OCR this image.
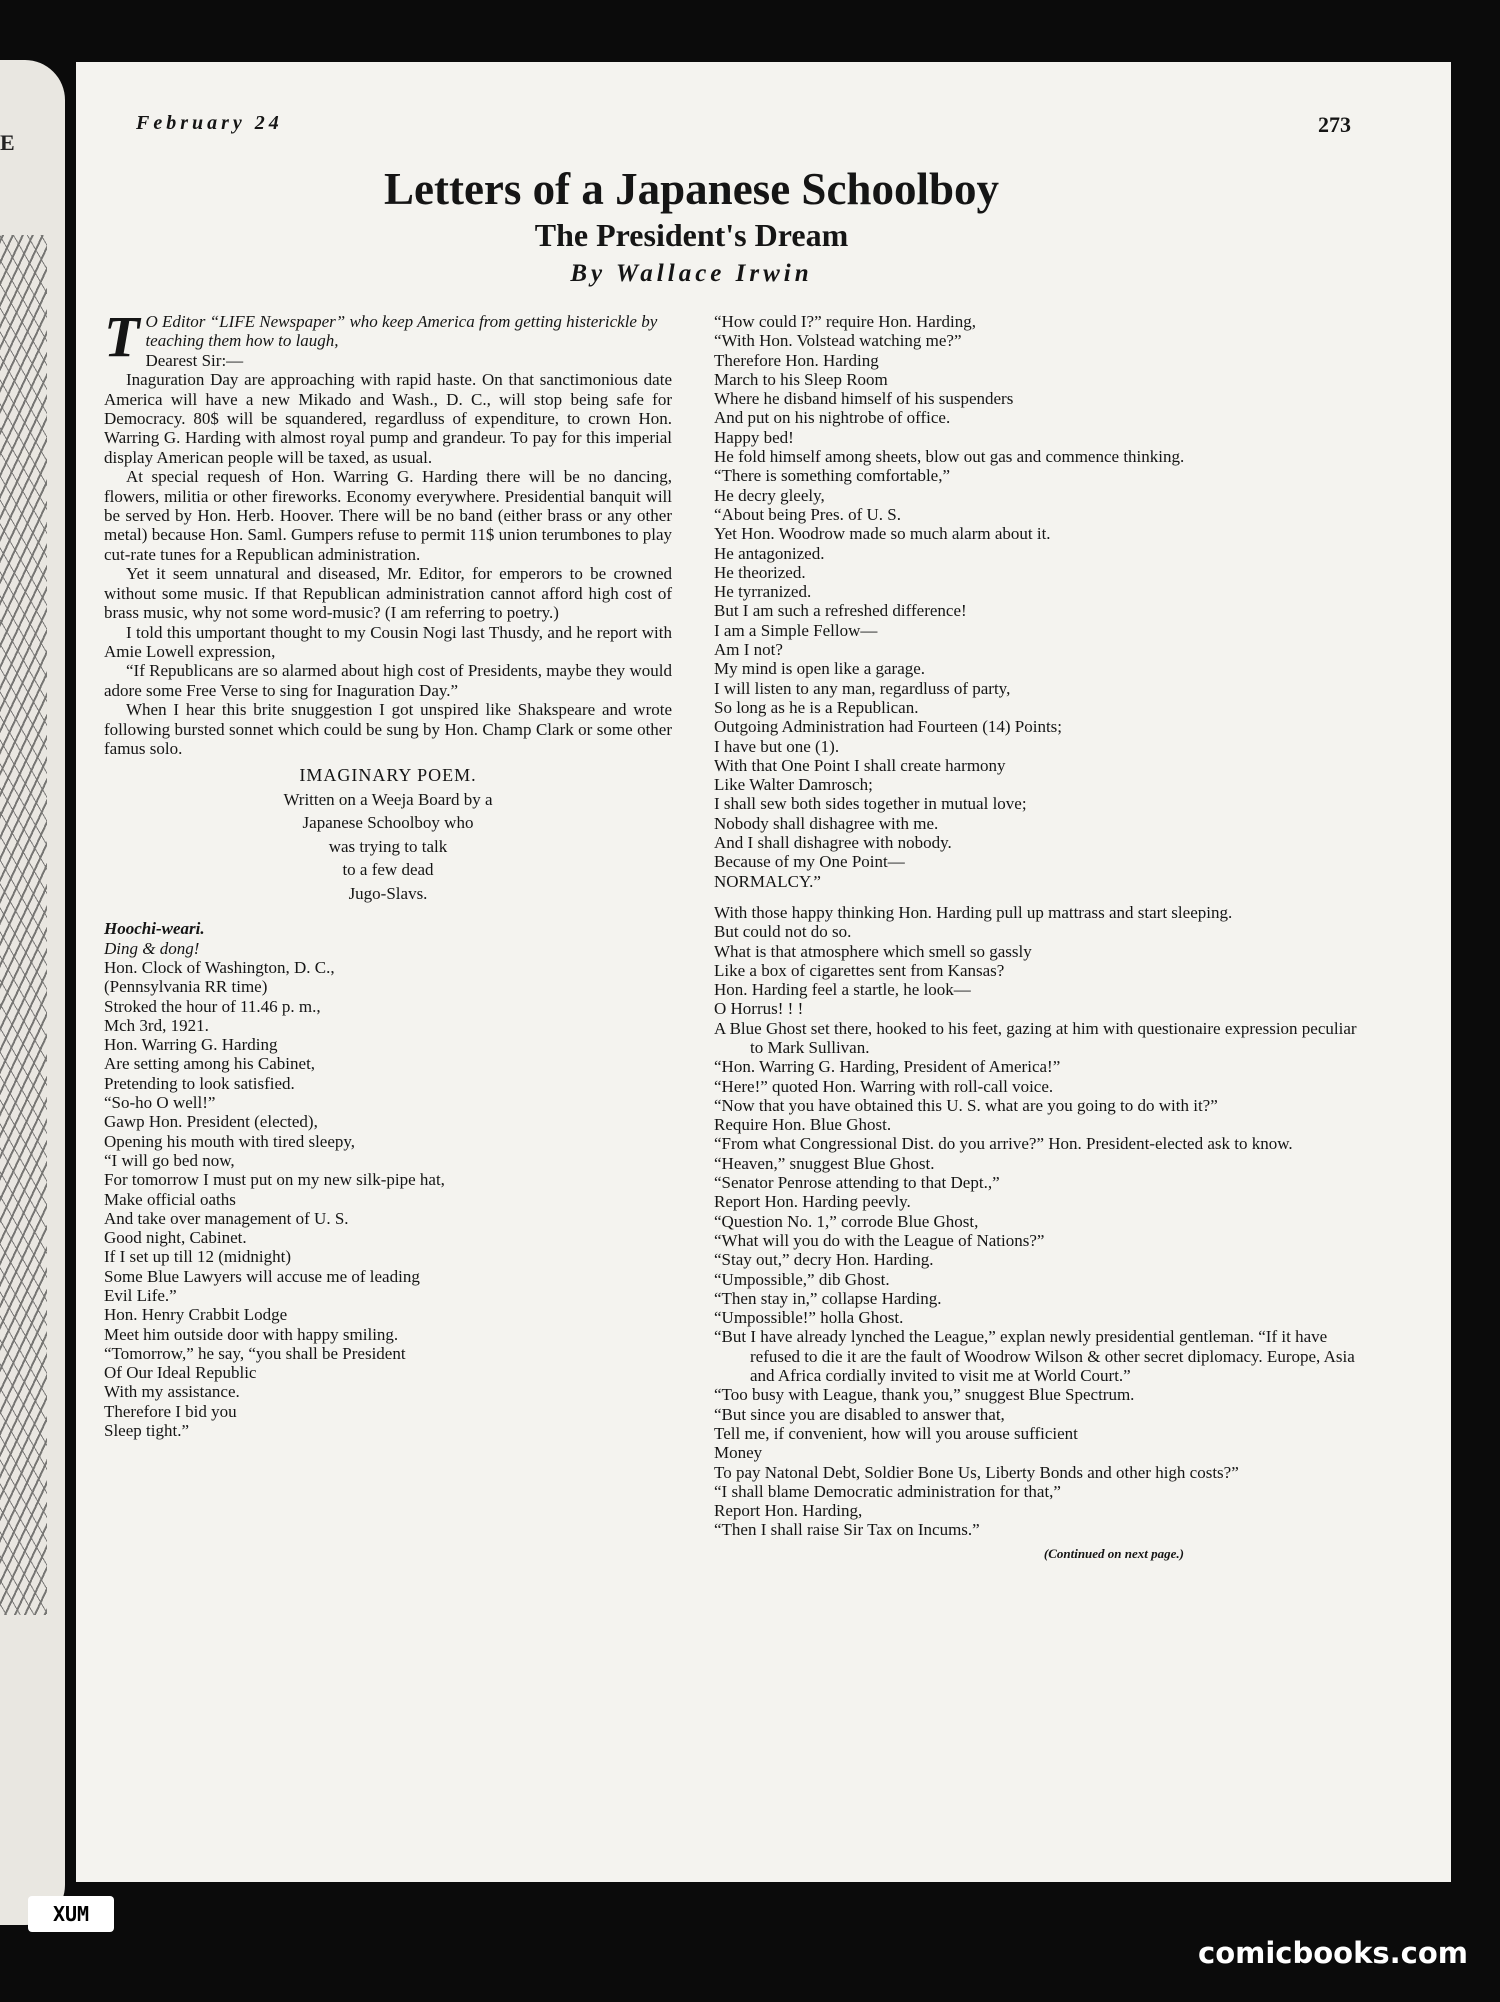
E
February 24	273
Letters of a Japanese Schoolboy
The President's Dream
By Wallace Irwin
T O Editor “LIFE Newspaper” who keep America from getting histerickle by teaching them how to laugh,

Dearest Sir:—

Inaguration Day are approaching with rapid haste. On that sanctimonious date America will have a new Mikado and Wash., D. C., will stop being safe for Democracy. 80$ will be squandered, regardluss of expenditure, to crown Hon. Warring G. Harding with almost royal pump and grandeur. To pay for this imperial display American people will be taxed, as usual.

At special requesh of Hon. Warring G. Harding there will be no dancing, flowers, militia or other fireworks. Economy everywhere. Presidential banquit will be served by Hon. Herb. Hoover. There will be no band (either brass or any other metal) because Hon. Saml. Gumpers refuse to permit 11$ union terumbones to play cut-rate tunes for a Republican administration.

Yet it seem unnatural and diseased, Mr. Editor, for emperors to be crowned without some music. If that Republican administration cannot afford high cost of brass music, why not some word-music? (I am referring to poetry.)

I told this umportant thought to my Cousin Nogi last Thusdy, and he report with Amie Lowell expression,

“If Republicans are so alarmed about high cost of Presidents, maybe they would adore some Free Verse to sing for Inaguration Day.”

When I hear this brite snuggestion I got unspired like Shakspeare and wrote following bursted sonnet which could be sung by Hon. Champ Clark or some other famus solo.

IMAGINARY POEM.
Written on a Weeja Board by a
Japanese Schoolboy who
was trying to talk
to a few dead
Jugo-Slavs.
Hoochi-weari.
Ding & dong!
Hon. Clock of Washington, D. C.,
(Pennsylvania RR time)
Stroked the hour of 11.46 p. m.,
Mch 3rd, 1921.
Hon. Warring G. Harding
Are setting among his Cabinet,
Pretending to look satisfied.
“So-ho O well!”
Gawp Hon. President (elected),
Opening his mouth with tired sleepy,
“I will go bed now,
For tomorrow I must put on my new silk-pipe hat,
Make official oaths
And take over management of U. S.
Good night, Cabinet.
If I set up till 12 (midnight)
Some Blue Lawyers will accuse me of leading
Evil Life.”
Hon. Henry Crabbit Lodge
Meet him outside door with happy smiling.
“Tomorrow,” he say, “you shall be President
Of Our Ideal Republic
With my assistance.
Therefore I bid you
Sleep tight.”
“How could I?” require Hon. Harding,
“With Hon. Volstead watching me?”
Therefore Hon. Harding
March to his Sleep Room
Where he disband himself of his suspenders
And put on his nightrobe of office.
Happy bed!
He fold himself among sheets, blow out gas and commence thinking.
“There is something comfortable,”
He decry gleely,
“About being Pres. of U. S.
Yet Hon. Woodrow made so much alarm about it.
He antagonized.
He theorized.
He tyrranized.
But I am such a refreshed difference!
I am a Simple Fellow—
Am I not?
My mind is open like a garage.
I will listen to any man, regardluss of party,
So long as he is a Republican.
Outgoing Administration had Fourteen (14) Points;
I have but one (1).
With that One Point I shall create harmony
Like Walter Damrosch;
I shall sew both sides together in mutual love;
Nobody shall dishagree with me.
And I shall dishagree with nobody.
Because of my One Point—
NORMALCY.”
With those happy thinking Hon. Harding pull up mattrass and start sleeping.
But could not do so.
What is that atmosphere which smell so gassly
Like a box of cigarettes sent from Kansas?
Hon. Harding feel a startle, he look—
O Horrus! ! !
A Blue Ghost set there, hooked to his feet, gazing at him with questionaire expression peculiar to Mark Sullivan.
“Hon. Warring G. Harding, President of America!”
“Here!” quoted Hon. Warring with roll-call voice.
“Now that you have obtained this U. S. what are you going to do with it?”
Require Hon. Blue Ghost.
“From what Congressional Dist. do you arrive?” Hon. President-elected ask to know.
“Heaven,” snuggest Blue Ghost.
“Senator Penrose attending to that Dept.,”
Report Hon. Harding peevly.
“Question No. 1,” corrode Blue Ghost,
“What will you do with the League of Nations?”
“Stay out,” decry Hon. Harding.
“Umpossible,” dib Ghost.
“Then stay in,” collapse Harding.
“Umpossible!” holla Ghost.
“But I have already lynched the League,” explan newly presidential gentleman. “If it have refused to die it are the fault of Woodrow Wilson & other secret diplomacy. Europe, Asia and Africa cordially invited to visit me at World Court.”
“Too busy with League, thank you,” snuggest Blue Spectrum.
“But since you are disabled to answer that,
Tell me, if convenient, how will you arouse sufficient
Money
To pay Natonal Debt, Soldier Bone Us, Liberty Bonds and other high costs?”
“I shall blame Democratic administration for that,”
Report Hon. Harding,
“Then I shall raise Sir Tax on Incums.”
(Continued on next page.)
XUM
comicbooks.com
